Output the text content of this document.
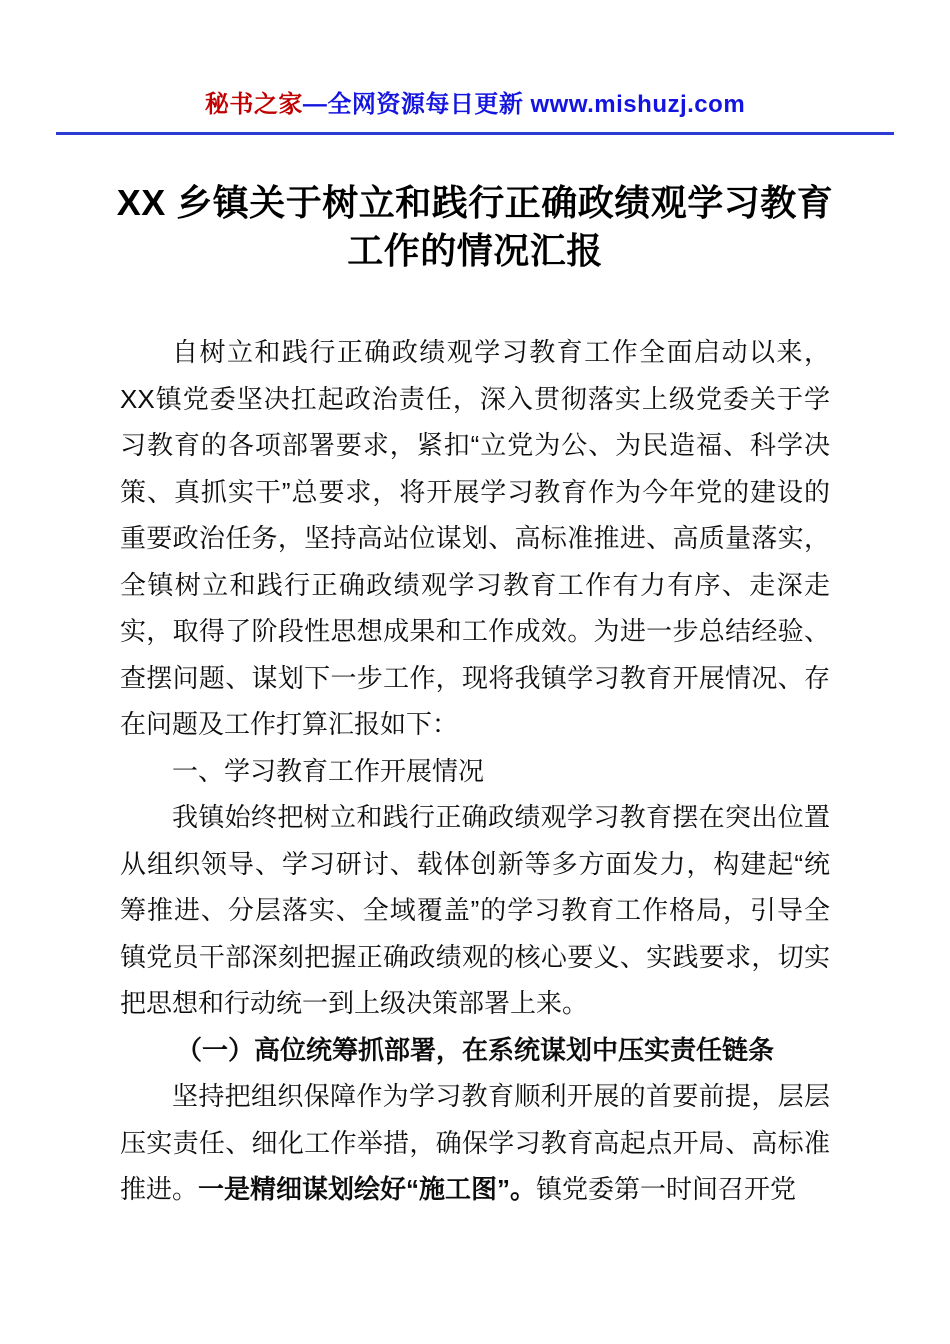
秘书之家—全网资源每日更新 www.mishuzj.com
XX 乡镇关于树立和践行正确政绩观学习教育
工作的情况汇报

自树立和践行正确政绩观学习教育工作全面启动以来，XX镇党委坚决扛起政治责任，深入贯彻落实上级党委关于学习教育的各项部署要求，紧扣“立党为公、为民造福、科学决策、真抓实干”总要求，将开展学习教育作为今年党的建设的重要政治任务，坚持高站位谋划、高标准推进、高质量落实，全镇树立和践行正确政绩观学习教育工作有力有序、走深走实，取得了阶段性思想成果和工作成效。为进一步总结经验、查摆问题、谋划下一步工作，现将我镇学习教育开展情况、存在问题及工作打算汇报如下：

一、学习教育工作开展情况

我镇始终把树立和践行正确政绩观学习教育摆在突出位置从组织领导、学习研讨、载体创新等多方面发力，构建起“统筹推进、分层落实、全域覆盖”的学习教育工作格局，引导全镇党员干部深刻把握正确政绩观的核心要义、实践要求，切实把思想和行动统一到上级决策部署上来。

（一）高位统筹抓部署，在系统谋划中压实责任链条

坚持把组织保障作为学习教育顺利开展的首要前提，层层压实责任、细化工作举措，确保学习教育高起点开局、高标准推进。一是精细谋划绘好“施工图”。镇党委第一时间召开党
